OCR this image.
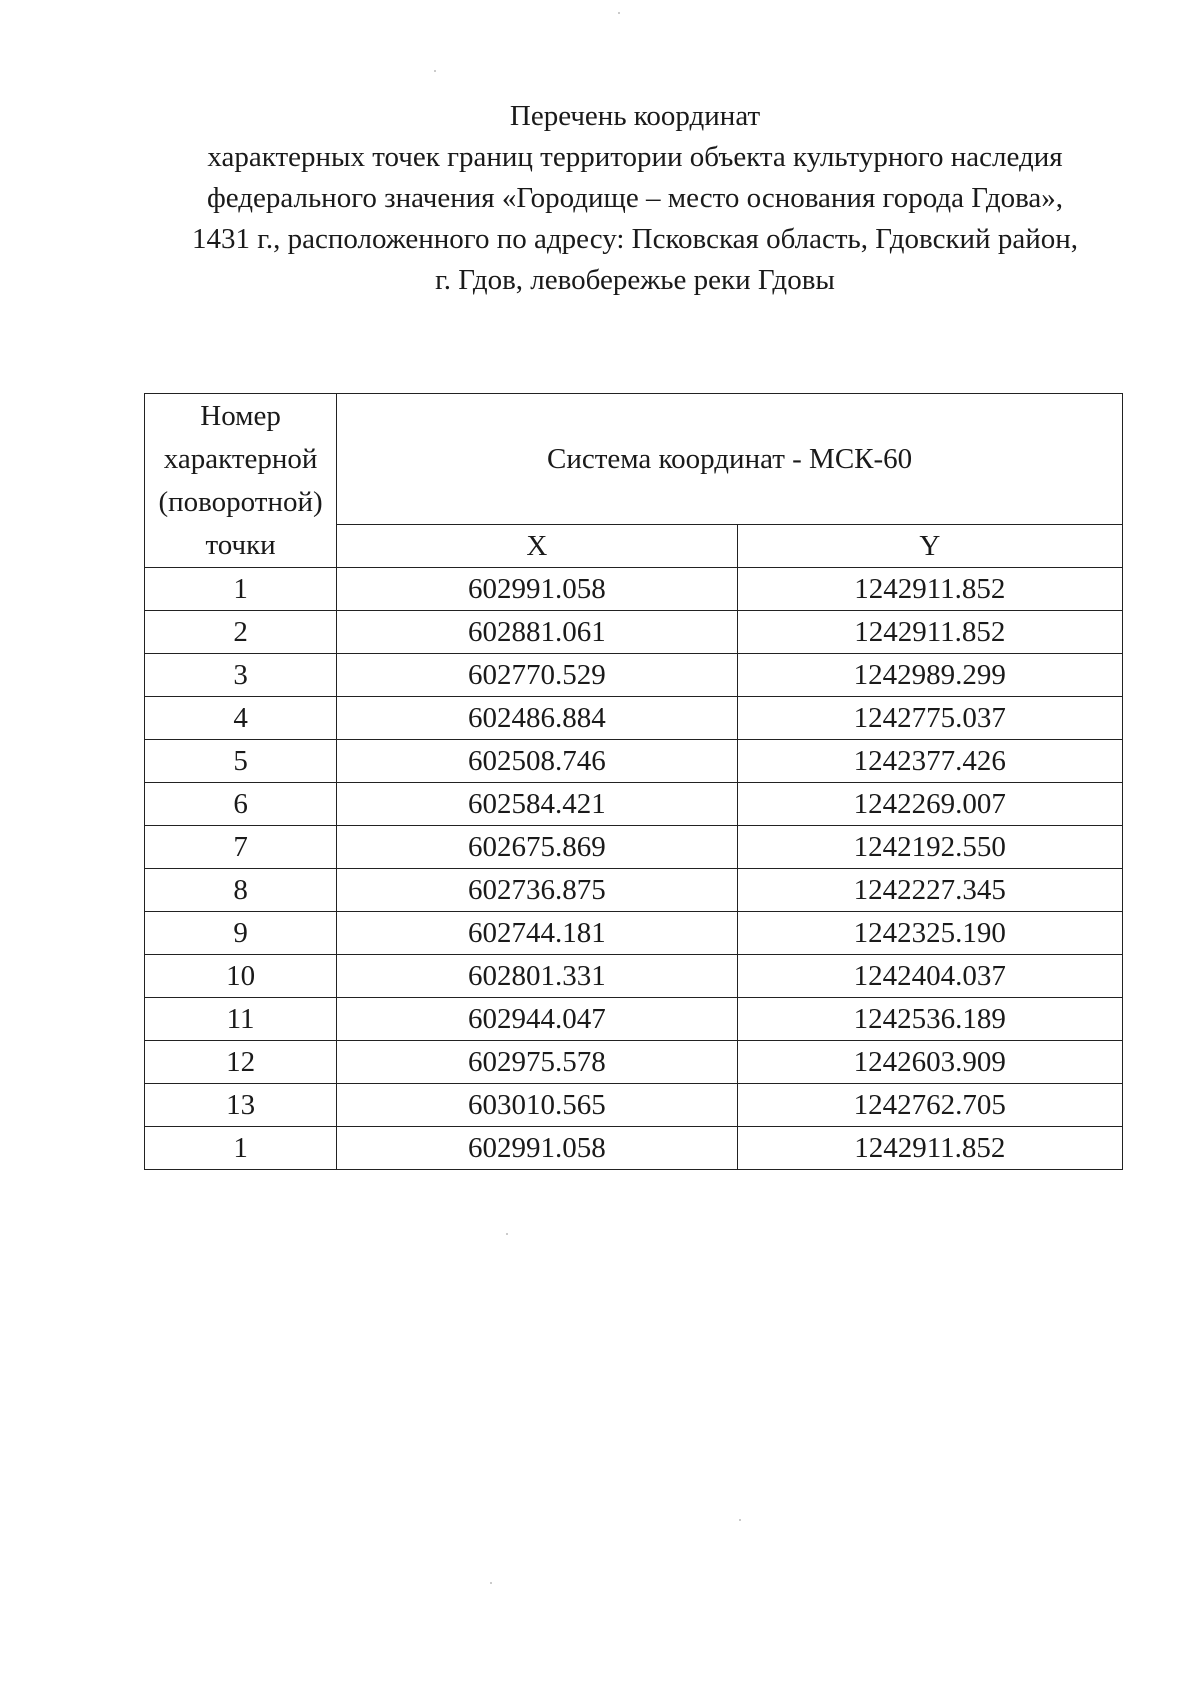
Перечень координат
характерных точек границ территории объекта культурного наследия
федерального значения «Городище – место основания города Гдова»,
1431 г., расположенного по адресу: Псковская область, Гдовский район,
г. Гдов, левобережье реки Гдовы
Номер характерной (поворотной) точки	Система координат - МСК-60	
	X	Y
1	602991.058	1242911.852
2	602881.061	1242911.852
3	602770.529	1242989.299
4	602486.884	1242775.037
5	602508.746	1242377.426
6	602584.421	1242269.007
7	602675.869	1242192.550
8	602736.875	1242227.345
9	602744.181	1242325.190
10	602801.331	1242404.037
11	602944.047	1242536.189
12	602975.578	1242603.909
13	603010.565	1242762.705
1	602991.058	1242911.852
